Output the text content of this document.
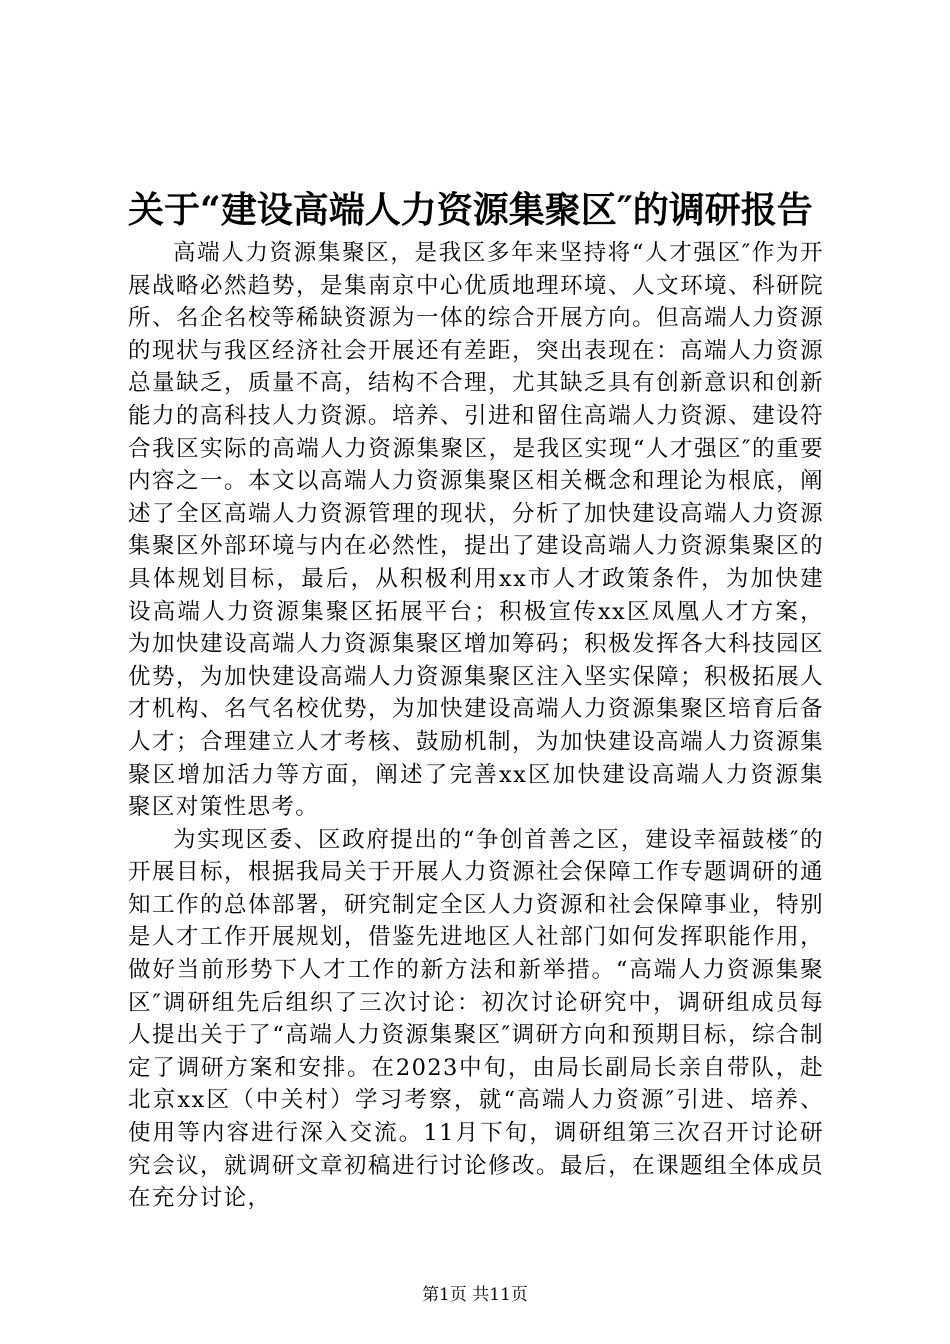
关于“建设高端人力资源集聚区″的调研报告

高端人力资源集聚区，是我区多年来坚持将“人才强区″作为开展战略必然趋势，是集南京中心优质地理环境、人文环境、科研院所、名企名校等稀缺资源为一体的综合开展方向。但高端人力资源的现状与我区经济社会开展还有差距，突出表现在：高端人力资源总量缺乏，质量不高，结构不合理，尤其缺乏具有创新意识和创新能力的高科技人力资源。培养、引进和留住高端人力资源、建设符合我区实际的高端人力资源集聚区，是我区实现“人才强区″的重要内容之一。本文以高端人力资源集聚区相关概念和理论为根底，阐述了全区高端人力资源管理的现状，分析了加快建设高端人力资源集聚区外部环境与内在必然性，提出了建设高端人力资源集聚区的具体规划目标，最后，从积极利用xx市人才政策条件，为加快建设高端人力资源集聚区拓展平台；积极宣传xx区凤凰人才方案，为加快建设高端人力资源集聚区增加筹码；积极发挥各大科技园区优势，为加快建设高端人力资源集聚区注入坚实保障；积极拓展人才机构、名气名校优势，为加快建设高端人力资源集聚区培育后备人才；合理建立人才考核、鼓励机制，为加快建设高端人力资源集聚区增加活力等方面，阐述了完善xx区加快建设高端人力资源集聚区对策性思考。

为实现区委、区政府提出的“争创首善之区，建设幸福鼓楼″的开展目标，根据我局关于开展人力资源社会保障工作专题调研的通知工作的总体部署，研究制定全区人力资源和社会保障事业，特别是人才工作开展规划，借鉴先进地区人社部门如何发挥职能作用，做好当前形势下人才工作的新方法和新举措。“高端人力资源集聚区″调研组先后组织了三次讨论：初次讨论研究中，调研组成员每人提出关于了“高端人力资源集聚区″调研方向和预期目标，综合制定了调研方案和安排。在2023中旬，由局长副局长亲自带队，赴北京xx区（中关村）学习考察，就“高端人力资源″引进、培养、使用等内容进行深入交流。11月下旬，调研组第三次召开讨论研究会议，就调研文章初稿进行讨论修改。最后，在课题组全体成员在充分讨论，

第1页 共11页
